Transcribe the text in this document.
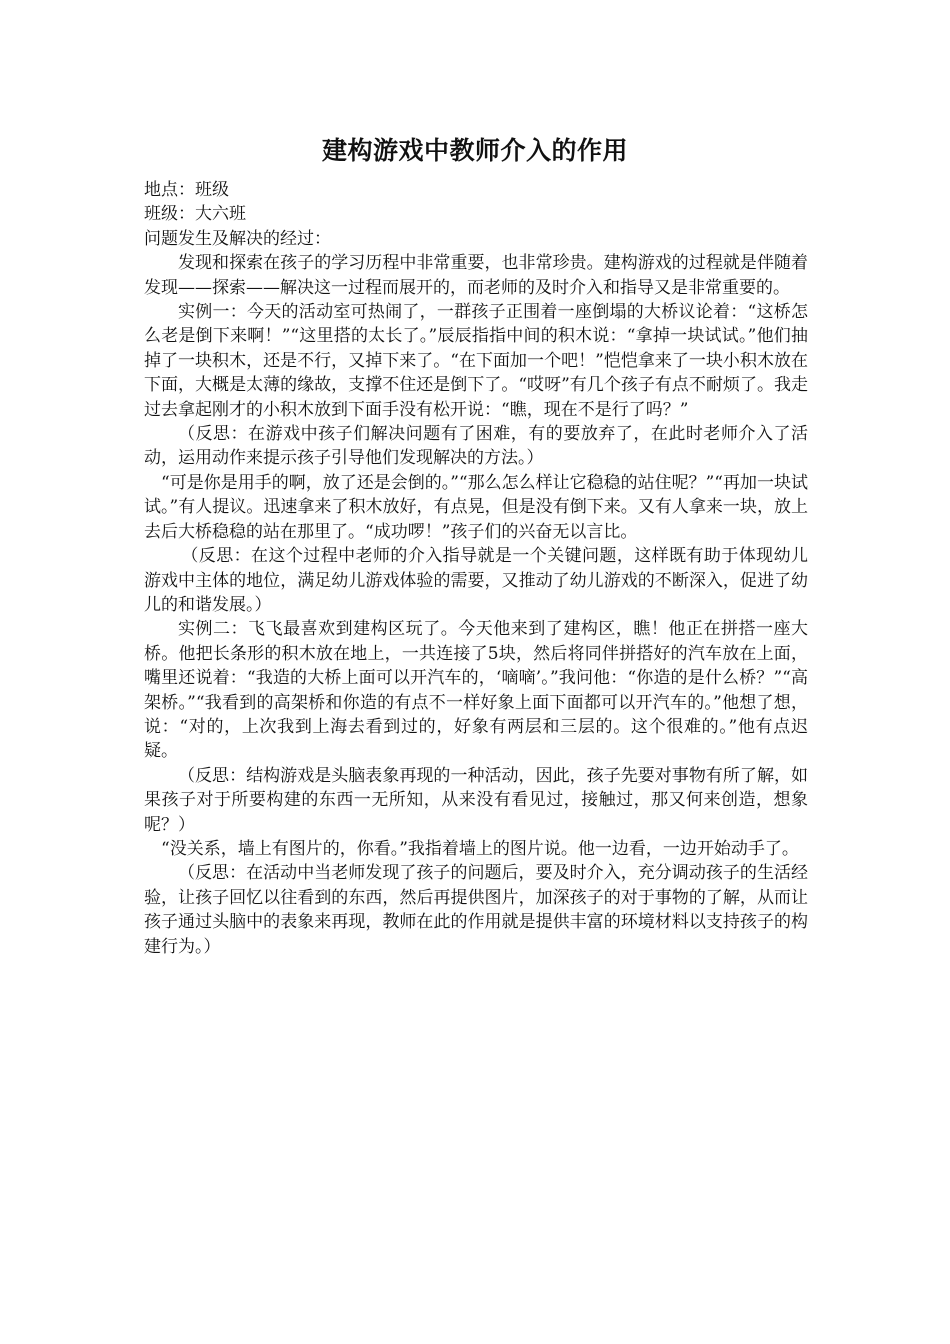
建构游戏中教师介入的作用

地点：班级

班级：大六班

问题发生及解决的经过：

发现和探索在孩子的学习历程中非常重要，也非常珍贵。建构游戏的过程就是伴随着发现——探索——解决这一过程而展开的，而老师的及时介入和指导又是非常重要的。

实例一：今天的活动室可热闹了，一群孩子正围着一座倒塌的大桥议论着：“这桥怎么老是倒下来啊！”“这里搭的太长了。”辰辰指指中间的积木说：“拿掉一块试试。”他们抽掉了一块积木，还是不行，又掉下来了。“在下面加一个吧！”恺恺拿来了一块小积木放在下面，大概是太薄的缘故，支撑不住还是倒下了。“哎呀”有几个孩子有点不耐烦了。我走过去拿起刚才的小积木放到下面手没有松开说：“瞧，现在不是行了吗？”

（反思：在游戏中孩子们解决问题有了困难，有的要放弃了，在此时老师介入了活动，运用动作来提示孩子引导他们发现解决的方法。）

“可是你是用手的啊，放了还是会倒的。”“那么怎么样让它稳稳的站住呢？”“再加一块试试。”有人提议。迅速拿来了积木放好，有点晃，但是没有倒下来。又有人拿来一块，放上去后大桥稳稳的站在那里了。“成功啰！”孩子们的兴奋无以言比。

（反思：在这个过程中老师的介入指导就是一个关键问题，这样既有助于体现幼儿游戏中主体的地位，满足幼儿游戏体验的需要，又推动了幼儿游戏的不断深入，促进了幼儿的和谐发展。）

实例二：飞飞最喜欢到建构区玩了。今天他来到了建构区，瞧！他正在拼搭一座大桥。他把长条形的积木放在地上，一共连接了5块，然后将同伴拼搭好的汽车放在上面，嘴里还说着：“我造的大桥上面可以开汽车的，‘嘀嘀’。”我问他：“你造的是什么桥？”“高架桥。”“我看到的高架桥和你造的有点不一样好象上面下面都可以开汽车的。”他想了想，说：“对的，上次我到上海去看到过的，好象有两层和三层的。这个很难的。”他有点迟疑。

（反思：结构游戏是头脑表象再现的一种活动，因此，孩子先要对事物有所了解，如果孩子对于所要构建的东西一无所知，从来没有看见过，接触过，那又何来创造，想象呢？）

“没关系，墙上有图片的，你看。”我指着墙上的图片说。他一边看，一边开始动手了。

（反思：在活动中当老师发现了孩子的问题后，要及时介入，充分调动孩子的生活经验，让孩子回忆以往看到的东西，然后再提供图片，加深孩子的对于事物的了解，从而让孩子通过头脑中的表象来再现，教师在此的作用就是提供丰富的环境材料以支持孩子的构建行为。）
